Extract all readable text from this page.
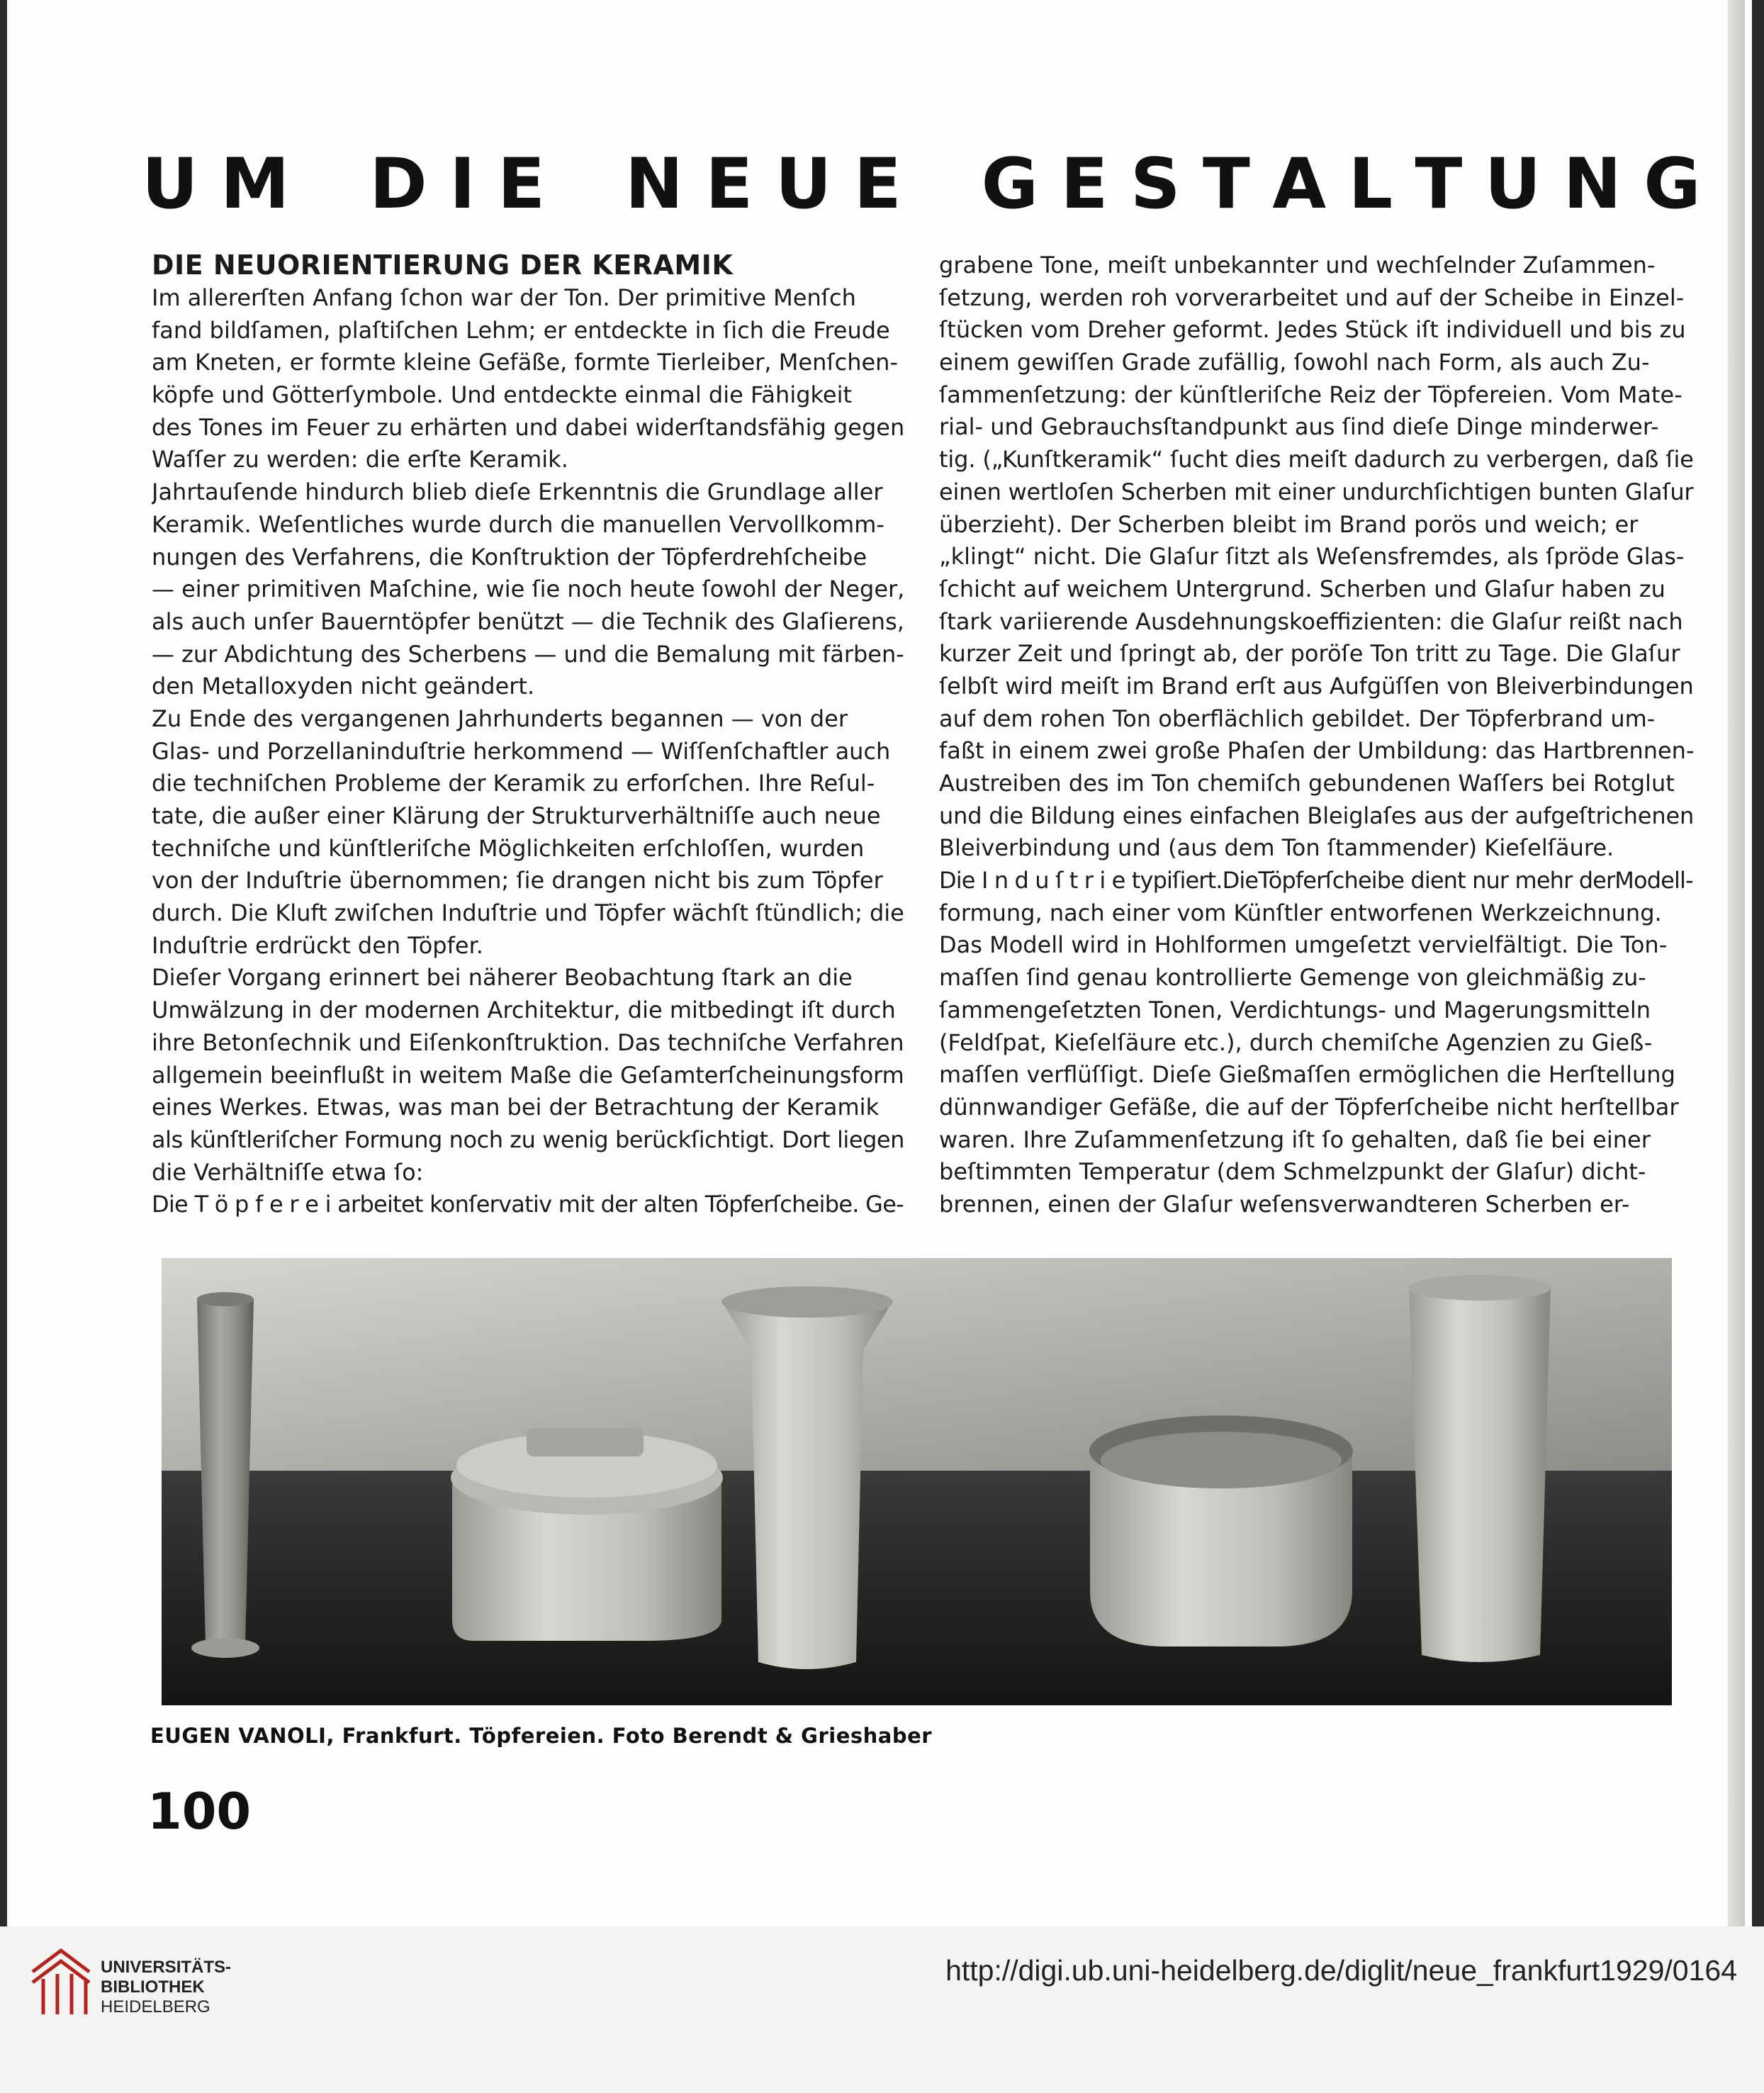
U M D I E N E U E G E S T A L T U N G
DIE NEUORIENTIERUNG DER KERAMIK
Im allererſten Anfang ſchon war der Ton. Der primitive Menſch
fand bildſamen, plaſtiſchen Lehm; er entdeckte in ſich die Freude
am Kneten, er formte kleine Gefäße, formte Tierleiber, Menſchen-
köpfe und Götterſymbole. Und entdeckte einmal die Fähigkeit
des Tones im Feuer zu erhärten und dabei widerſtandsfähig gegen
Waſſer zu werden: die erſte Keramik.
Jahrtauſende hindurch blieb dieſe Erkenntnis die Grundlage aller
Keramik. Weſentliches wurde durch die manuellen Vervollkomm-
nungen des Verfahrens, die Konſtruktion der Töpferdrehſcheibe
— einer primitiven Maſchine, wie ſie noch heute ſowohl der Neger,
als auch unſer Bauerntöpfer benützt — die Technik des Glaſierens,
— zur Abdichtung des Scherbens — und die Bemalung mit färben-
den Metalloxyden nicht geändert.
Zu Ende des vergangenen Jahrhunderts begannen — von der
Glas- und Porzellaninduſtrie herkommend — Wiſſenſchaftler auch
die techniſchen Probleme der Keramik zu erforſchen. Ihre Reſul-
tate, die außer einer Klärung der Strukturverhältniſſe auch neue
techniſche und künſtleriſche Möglichkeiten erſchloſſen, wurden
von der Induſtrie übernommen; ſie drangen nicht bis zum Töpfer
durch. Die Kluft zwiſchen Induſtrie und Töpfer wächſt ſtündlich; die
Induſtrie erdrückt den Töpfer.
Dieſer Vorgang erinnert bei näherer Beobachtung ſtark an die
Umwälzung in der modernen Architektur, die mitbedingt iſt durch
ihre Betonſechnik und Eiſenkonſtruktion. Das techniſche Verfahren
allgemein beeinflußt in weitem Maße die Geſamterſcheinungsform
eines Werkes. Etwas, was man bei der Betrachtung der Keramik
als künſtleriſcher Formung noch zu wenig berückſichtigt. Dort liegen
die Verhältniſſe etwa ſo:
Die T ö p f e r e i arbeitet konſervativ mit der alten Töpferſcheibe. Ge-
grabene Tone, meiſt unbekannter und wechſelnder Zuſammen-
ſetzung, werden roh vorverarbeitet und auf der Scheibe in Einzel-
ſtücken vom Dreher geformt. Jedes Stück iſt individuell und bis zu
einem gewiſſen Grade zufällig, ſowohl nach Form, als auch Zu-
ſammenſetzung: der künſtleriſche Reiz der Töpfereien. Vom Mate-
rial- und Gebrauchsſtandpunkt aus ſind dieſe Dinge minderwer-
tig. („Kunſtkeramik“ ſucht dies meiſt dadurch zu verbergen, daß ſie
einen wertloſen Scherben mit einer undurchſichtigen bunten Glaſur
überzieht). Der Scherben bleibt im Brand porös und weich; er
„klingt“ nicht. Die Glaſur ſitzt als Weſensfremdes, als ſpröde Glas-
ſchicht auf weichem Untergrund. Scherben und Glaſur haben zu
ſtark variierende Ausdehnungskoeffizienten: die Glaſur reißt nach
kurzer Zeit und ſpringt ab, der poröſe Ton tritt zu Tage. Die Glaſur
ſelbſt wird meiſt im Brand erſt aus Aufgüſſen von Bleiverbindungen
auf dem rohen Ton oberflächlich gebildet. Der Töpferbrand um-
faßt in einem zwei große Phaſen der Umbildung: das Hartbrennen-
Austreiben des im Ton chemiſch gebundenen Waſſers bei Rotglut
und die Bildung eines einfachen Bleiglaſes aus der aufgeſtrichenen
Bleiverbindung und (aus dem Ton ſtammender) Kieſelſäure.
Die I n d u ſ t r i e typiſiert.DieTöpferſcheibe dient nur mehr derModell-
formung, nach einer vom Künſtler entworfenen Werkzeichnung.
Das Modell wird in Hohlformen umgeſetzt vervielfältigt. Die Ton-
maſſen ſind genau kontrollierte Gemenge von gleichmäßig zu-
ſammengeſetzten Tonen, Verdichtungs- und Magerungsmitteln
(Feldſpat, Kieſelſäure etc.), durch chemiſche Agenzien zu Gieß-
maſſen verflüſſigt. Dieſe Gießmaſſen ermöglichen die Herſtellung
dünnwandiger Gefäße, die auf der Töpferſcheibe nicht herſtellbar
waren. Ihre Zuſammenſetzung iſt ſo gehalten, daß ſie bei einer
beſtimmten Temperatur (dem Schmelzpunkt der Glaſur) dicht-
brennen, einen der Glaſur weſensverwandteren Scherben er-
EUGEN VANOLI, Frankfurt. Töpfereien. Foto Berendt & Grieshaber
100
UNIVERSITÄTS-
BIBLIOTHEK
HEIDELBERG
http://digi.ub.uni-heidelberg.de/diglit/neue_frankfurt1929/0164
